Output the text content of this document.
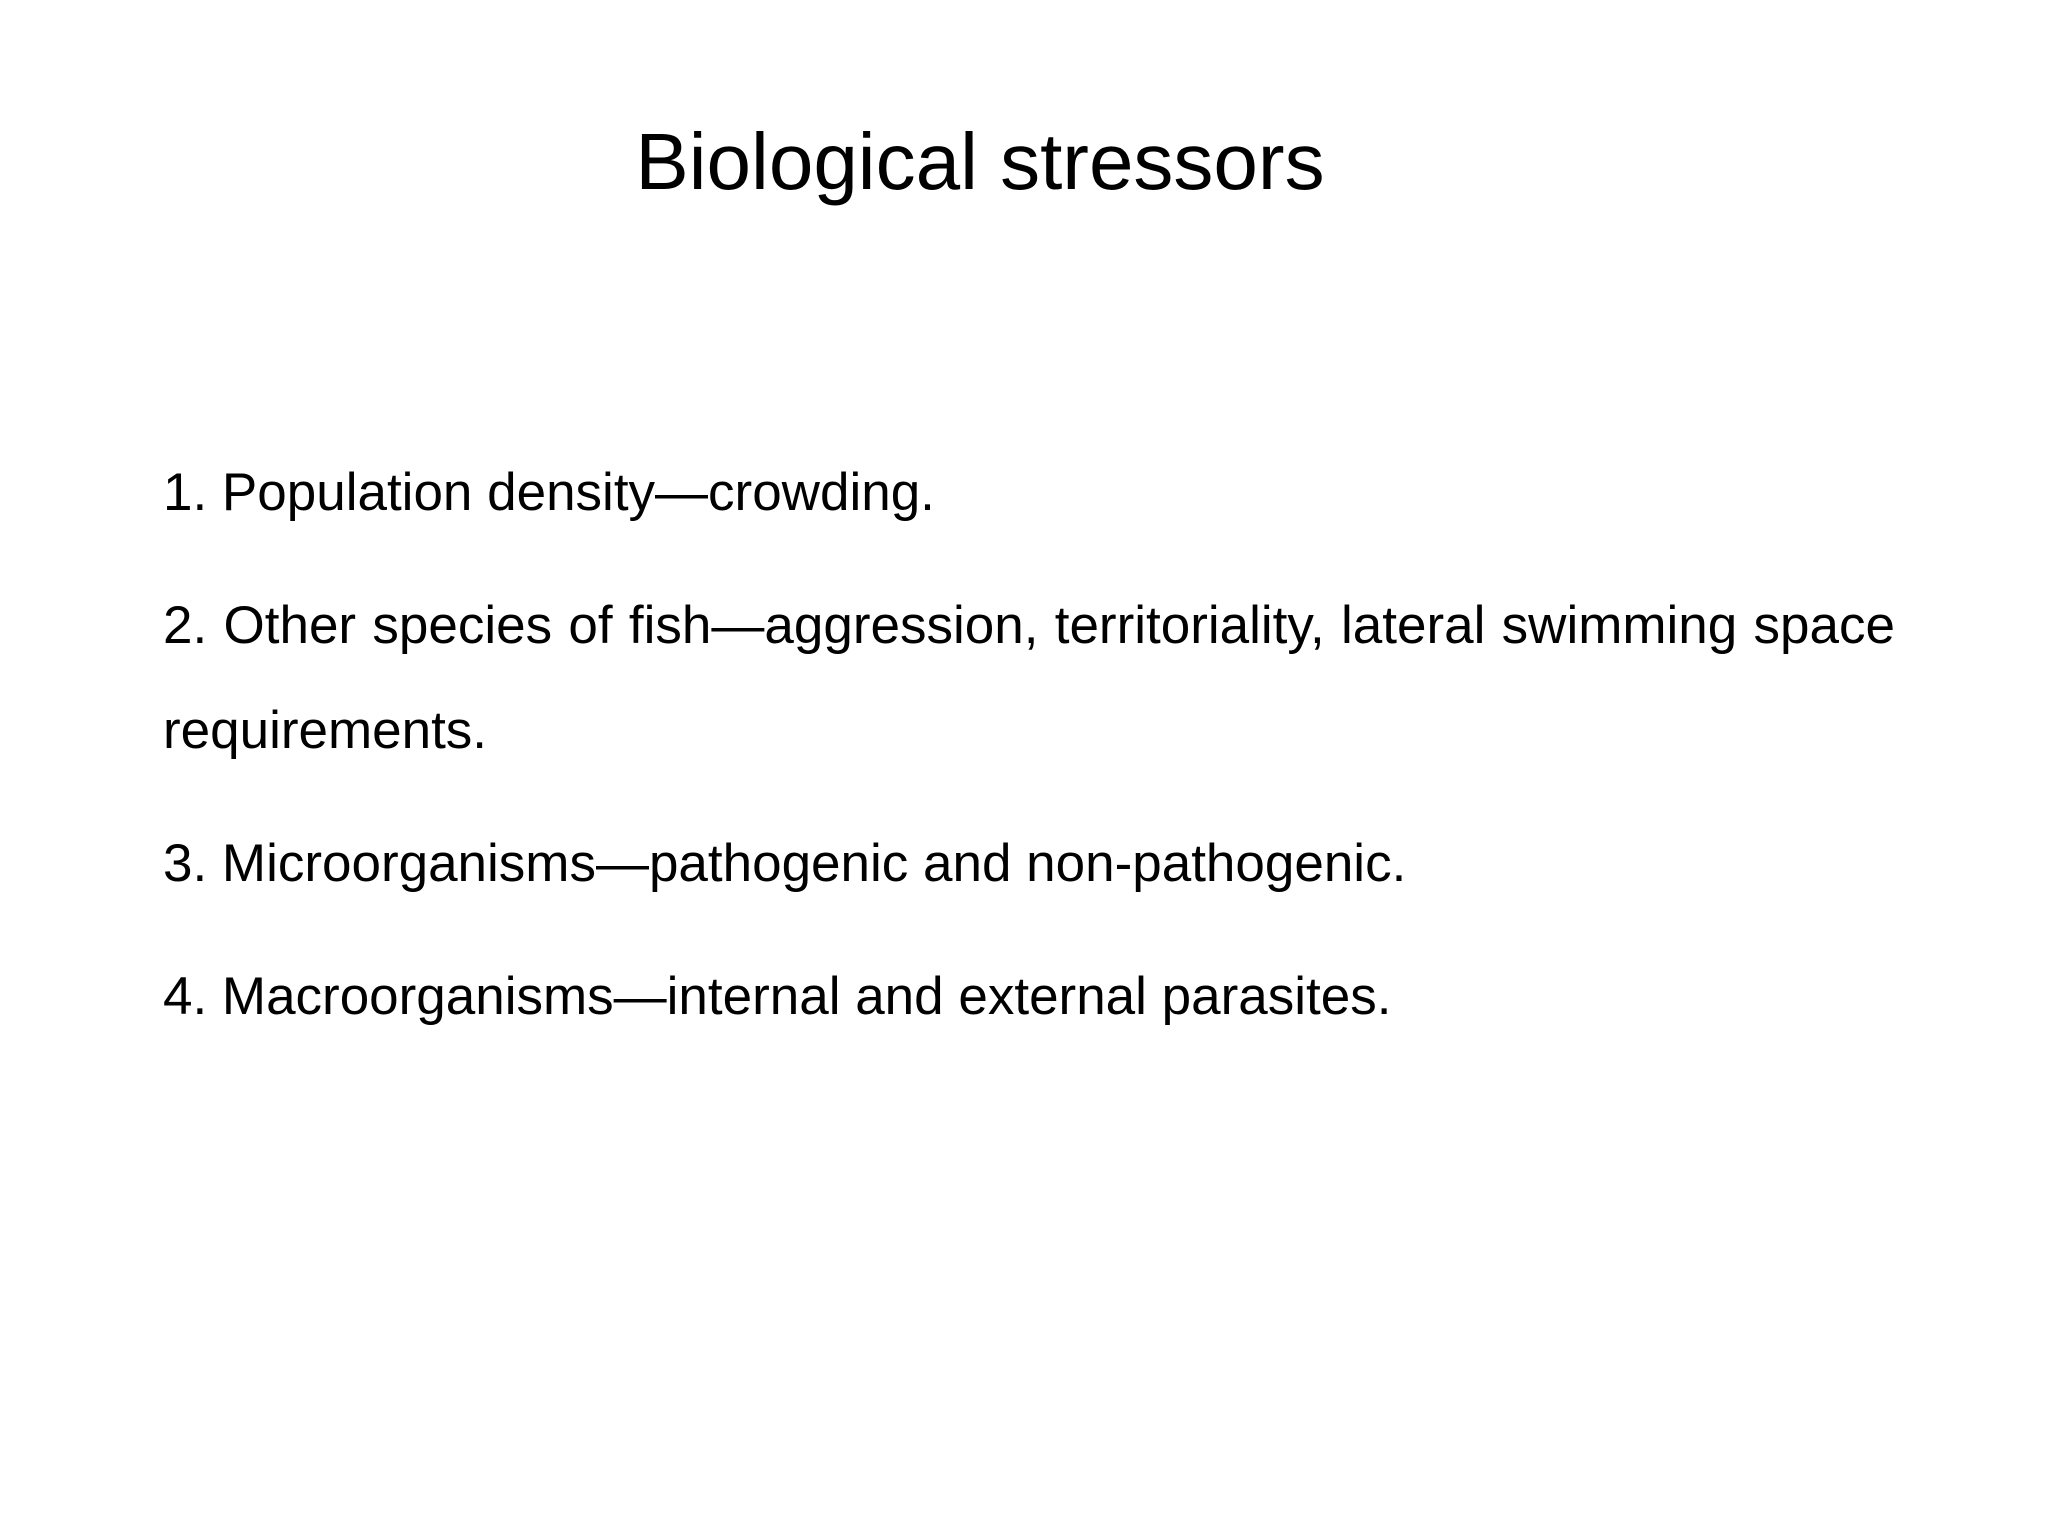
Biological stressors
1. Population density—crowding.
2. Other species of fish—aggression, territoriality, lateral swimming space requirements.
3. Microorganisms—pathogenic and non-pathogenic.
4. Macroorganisms—internal and external parasites.
